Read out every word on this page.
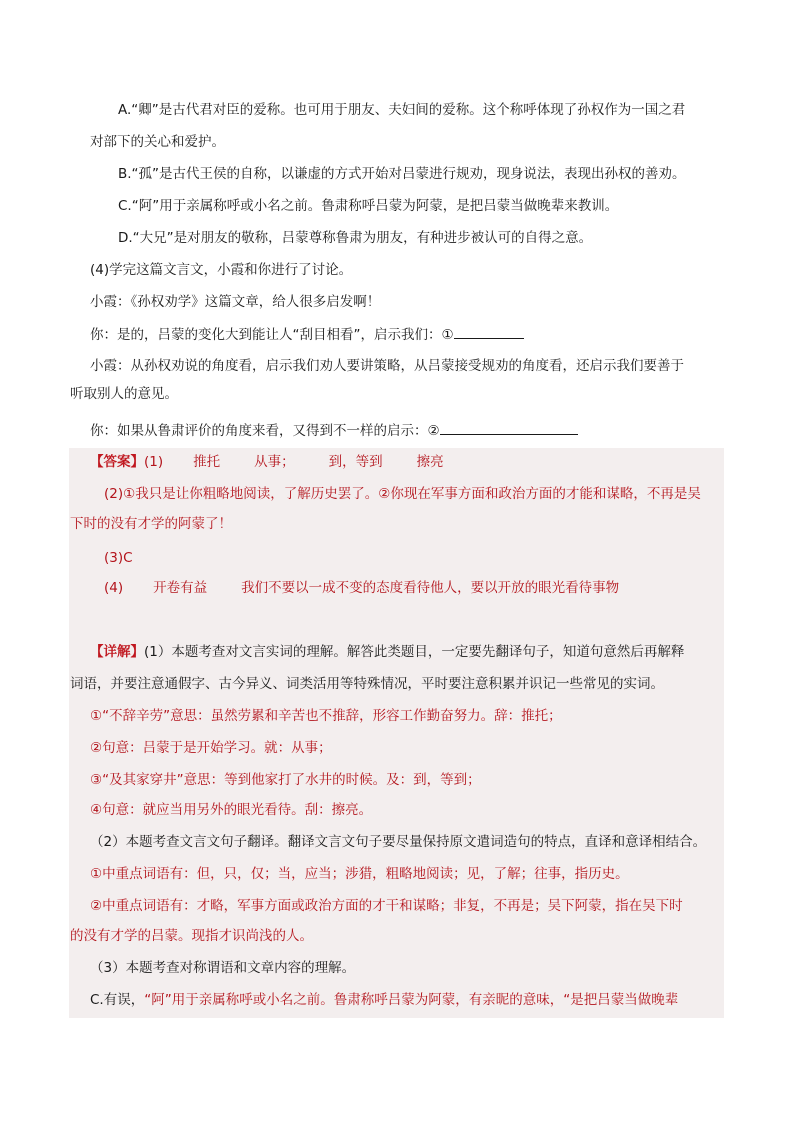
A.“卿”是古代君对臣的爱称。也可用于朋友、夫妇间的爱称。这个称呼体现了孙权作为一国之君
对部下的关心和爱护。
B.“孤”是古代王侯的自称，以谦虚的方式开始对吕蒙进行规劝，现身说法，表现出孙权的善劝。
C.“阿”用于亲属称呼或小名之前。鲁肃称呼吕蒙为阿蒙，是把吕蒙当做晚辈来教训。
D.“大兄”是对朋友的敬称，吕蒙尊称鲁肃为朋友，有种进步被认可的自得之意。
(4)学完这篇文言文，小霞和你进行了讨论。
小霞：《孙权劝学》这篇文章，给人很多启发啊！
你：是的，吕蒙的变化大到能让人“刮目相看”，启示我们：①
小霞：从孙权劝说的角度看，启示我们劝人要讲策略，从吕蒙接受规劝的角度看，还启示我们要善于
听取别人的意见。
你：如果从鲁肃评价的角度来看，又得到不一样的启示：②
【答案】(1) 推托	从事；	到，等到	擦亮
(2)①我只是让你粗略地阅读，了解历史罢了。②你现在军事方面和政治方面的才能和谋略，不再是吴
下时的没有才学的阿蒙了！
(3)C
(4) 开卷有益	我们不要以一成不变的态度看待他人，要以开放的眼光看待事物
【详解】(1）本题考查对文言实词的理解。解答此类题目，一定要先翻译句子，知道句意然后再解释
词语，并要注意通假字、古今异义、词类活用等特殊情况，平时要注意积累并识记一些常见的实词。
①“不辞辛劳”意思：虽然劳累和辛苦也不推辞，形容工作勤奋努力。辞：推托；
②句意：吕蒙于是开始学习。就：从事；
③“及其家穿井”意思：等到他家打了水井的时候。及：到，等到；
④句意：就应当用另外的眼光看待。刮：擦亮。
（2）本题考查文言文句子翻译。翻译文言文句子要尽量保持原文遣词造句的特点，直译和意译相结合。
①中重点词语有：但，只，仅；当，应当；涉猎，粗略地阅读；见，了解；往事，指历史。
②中重点词语有：才略，军事方面或政治方面的才干和谋略；非复，不再是；吴下阿蒙，指在吴下时
的没有才学的吕蒙。现指才识尚浅的人。
（3）本题考查对称谓语和文章内容的理解。
C.有误，“阿”用于亲属称呼或小名之前。鲁肃称呼吕蒙为阿蒙，有亲昵的意味，“是把吕蒙当做晚辈
